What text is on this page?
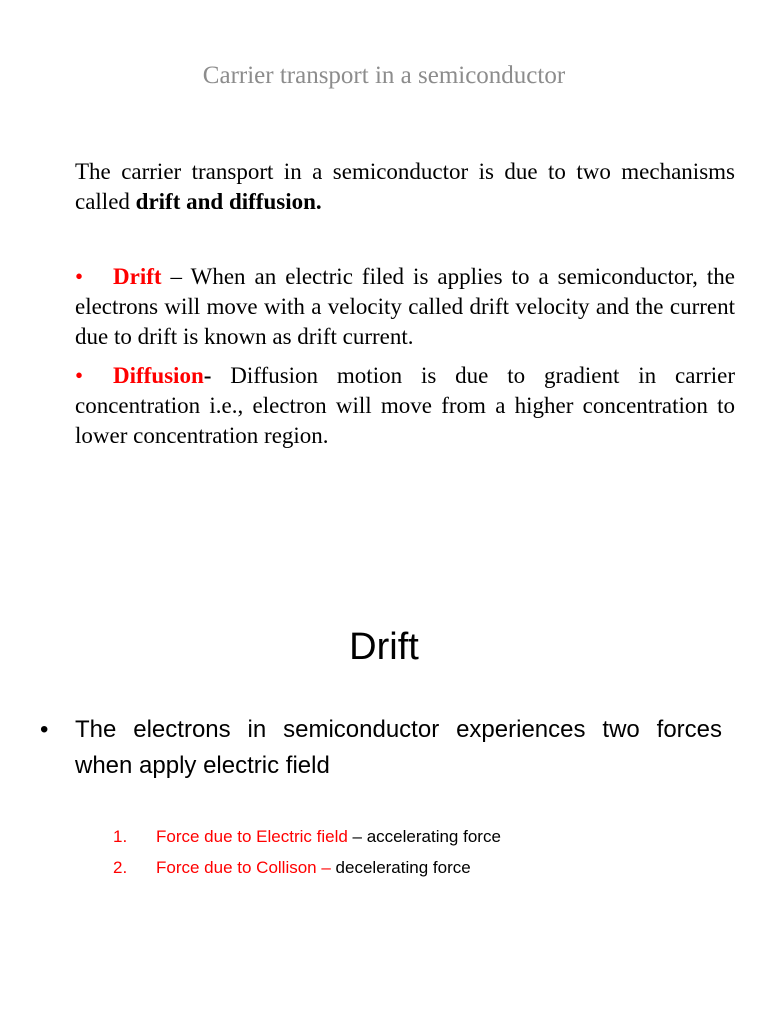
Carrier transport in a semiconductor
The carrier transport in a semiconductor is due to two mechanisms called drift and diffusion.
• Drift – When an electric filed is applies to a semiconductor, the electrons will move with a velocity called drift velocity and the current due to drift is known as drift current.
• Diffusion- Diffusion motion is due to gradient in carrier concentration i.e., electron will move from a higher concentration to lower concentration region.
Drift
• The electrons in semiconductor experiences two forces when apply electric field
1. Force due to Electric field – accelerating force
2. Force due to Collison – decelerating force
